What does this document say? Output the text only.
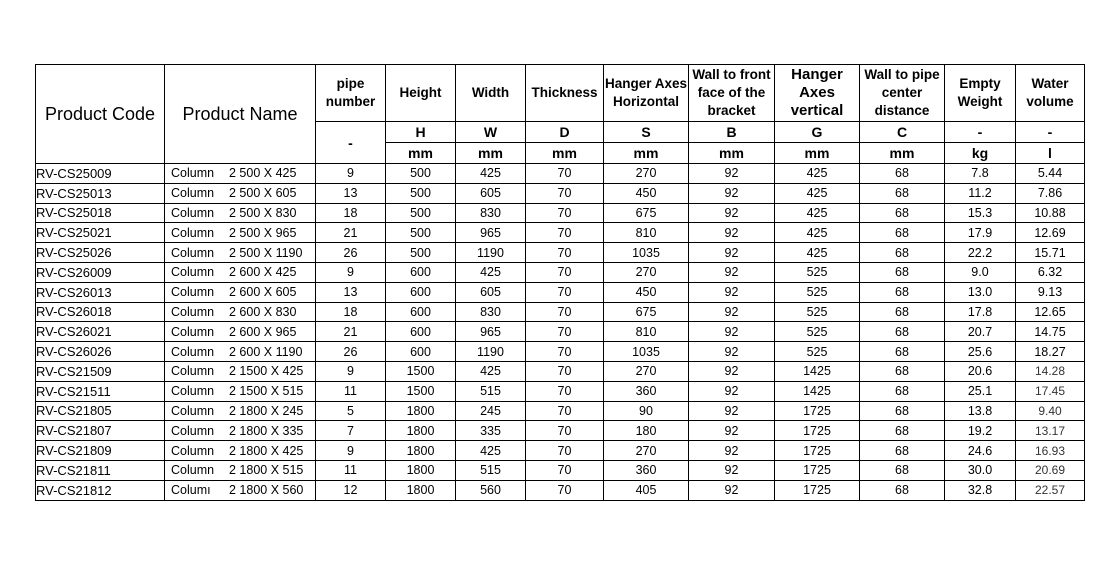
Product Code	Product Name	pipe number	Height	Width	Thickness	Hanger Axes Horizontal	Wall to front face of the bracket	Hanger Axes vertical	Wall to pipe center distance	Empty Weight	Water volume
		-	H	W	D	S	B	G	C	-	-
			mm	mm	mm	mm	mm	mm	mm	kg	l
RV-CS25009	Column 2 500 X 425	9	500	425	70	270	92	425	68	7.8	5.44
RV-CS25013	Column 2 500 X 605	13	500	605	70	450	92	425	68	11.2	7.86
RV-CS25018	Column 2 500 X 830	18	500	830	70	675	92	425	68	15.3	10.88
RV-CS25021	Column 2 500 X 965	21	500	965	70	810	92	425	68	17.9	12.69
RV-CS25026	Column 2 500 X 1190	26	500	1190	70	1035	92	425	68	22.2	15.71
RV-CS26009	Column 2 600 X 425	9	600	425	70	270	92	525	68	9.0	6.32
RV-CS26013	Column 2 600 X 605	13	600	605	70	450	92	525	68	13.0	9.13
RV-CS26018	Column 2 600 X 830	18	600	830	70	675	92	525	68	17.8	12.65
RV-CS26021	Column 2 600 X 965	21	600	965	70	810	92	525	68	20.7	14.75
RV-CS26026	Column 2 600 X 1190	26	600	1190	70	1035	92	525	68	25.6	18.27
RV-CS21509	Column 2 1500 X 425	9	1500	425	70	270	92	1425	68	20.6	14.28
RV-CS21511	Column 2 1500 X 515	11	1500	515	70	360	92	1425	68	25.1	17.45
RV-CS21805	Column 2 1800 X 245	5	1800	245	70	90	92	1725	68	13.8	9.40
RV-CS21807	Column 2 1800 X 335	7	1800	335	70	180	92	1725	68	19.2	13.17
RV-CS21809	Column 2 1800 X 425	9	1800	425	70	270	92	1725	68	24.6	16.93
RV-CS21811	Column 2 1800 X 515	11	1800	515	70	360	92	1725	68	30.0	20.69
RV-CS21812	Columı 2 1800 X 560	12	1800	560	70	405	92	1725	68	32.8	22.57
